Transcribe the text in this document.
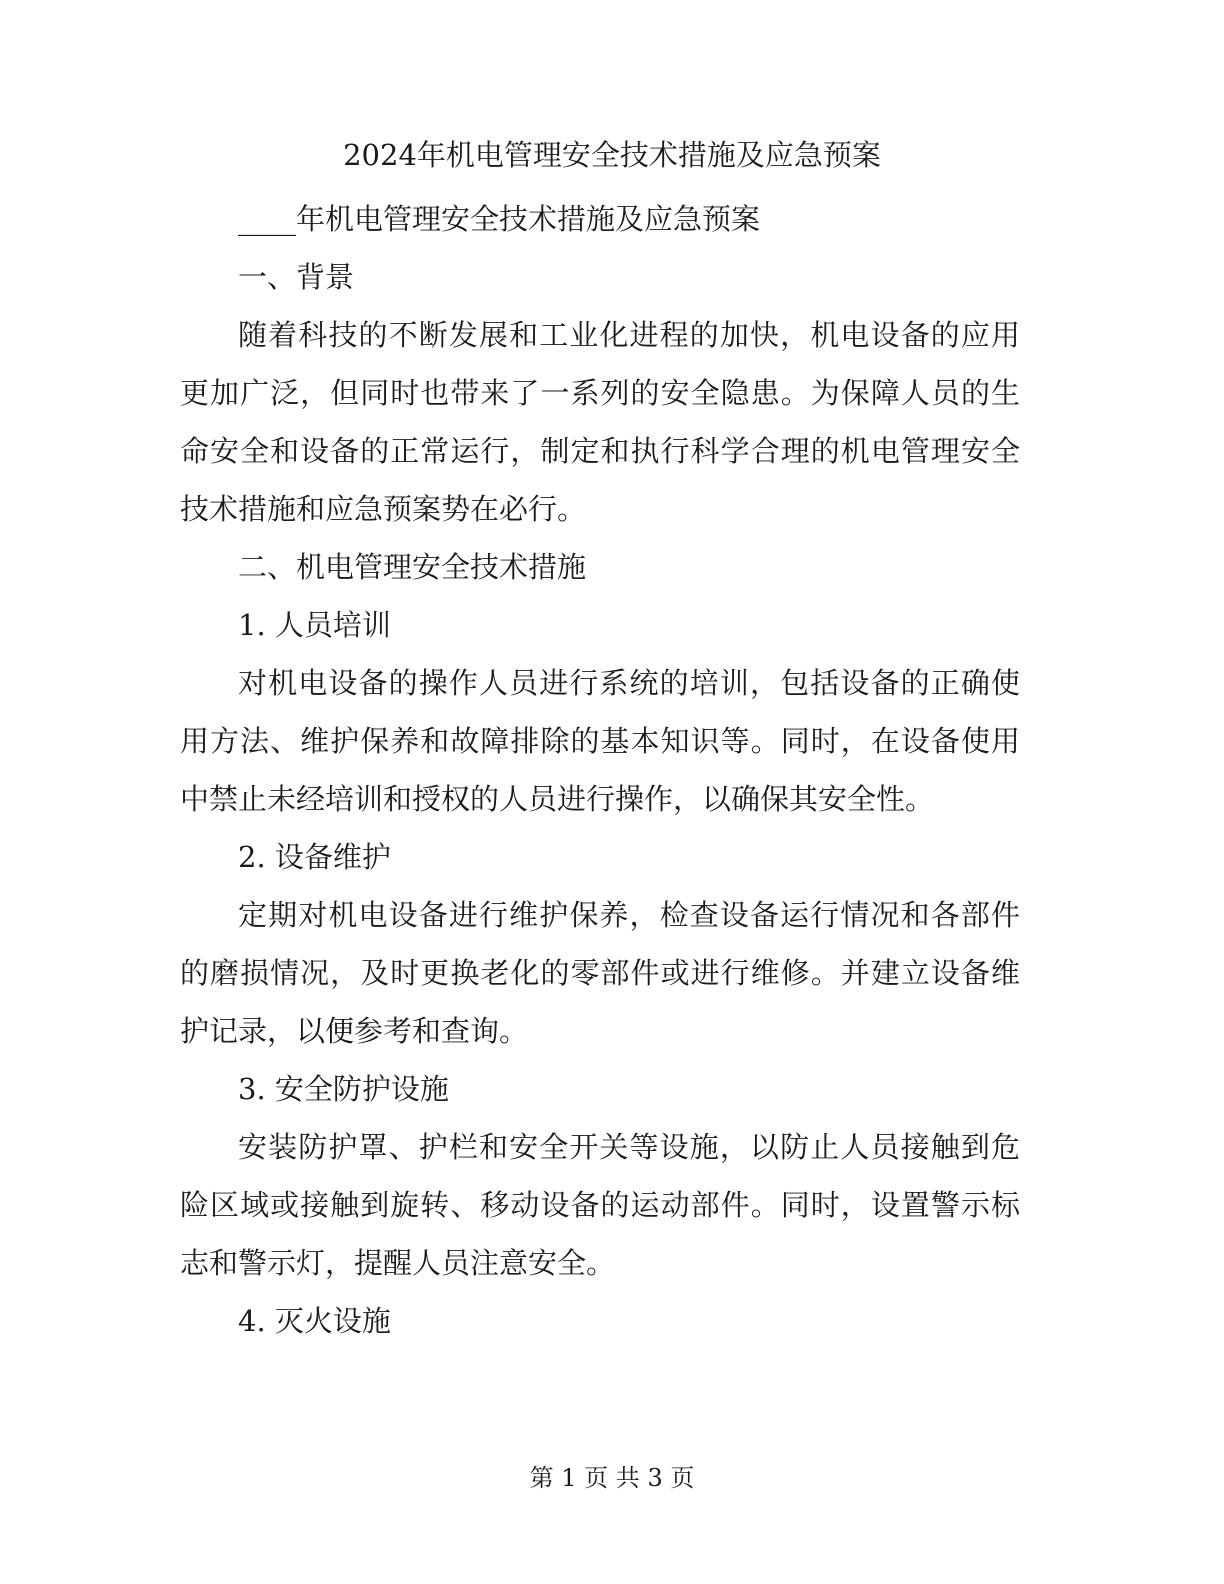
2024年机电管理安全技术措施及应急预案

____年机电管理安全技术措施及应急预案

一、背景

随着科技的不断发展和工业化进程的加快，机电设备的应用更加广泛，但同时也带来了一系列的安全隐患。为保障人员的生命安全和设备的正常运行，制定和执行科学合理的机电管理安全技术措施和应急预案势在必行。

二、机电管理安全技术措施

1. 人员培训

对机电设备的操作人员进行系统的培训，包括设备的正确使用方法、维护保养和故障排除的基本知识等。同时，在设备使用中禁止未经培训和授权的人员进行操作，以确保其安全性。

2. 设备维护

定期对机电设备进行维护保养，检查设备运行情况和各部件的磨损情况，及时更换老化的零部件或进行维修。并建立设备维护记录，以便参考和查询。

3. 安全防护设施

安装防护罩、护栏和安全开关等设施，以防止人员接触到危险区域或接触到旋转、移动设备的运动部件。同时，设置警示标志和警示灯，提醒人员注意安全。

4. 灭火设施

第 1 页 共 3 页
